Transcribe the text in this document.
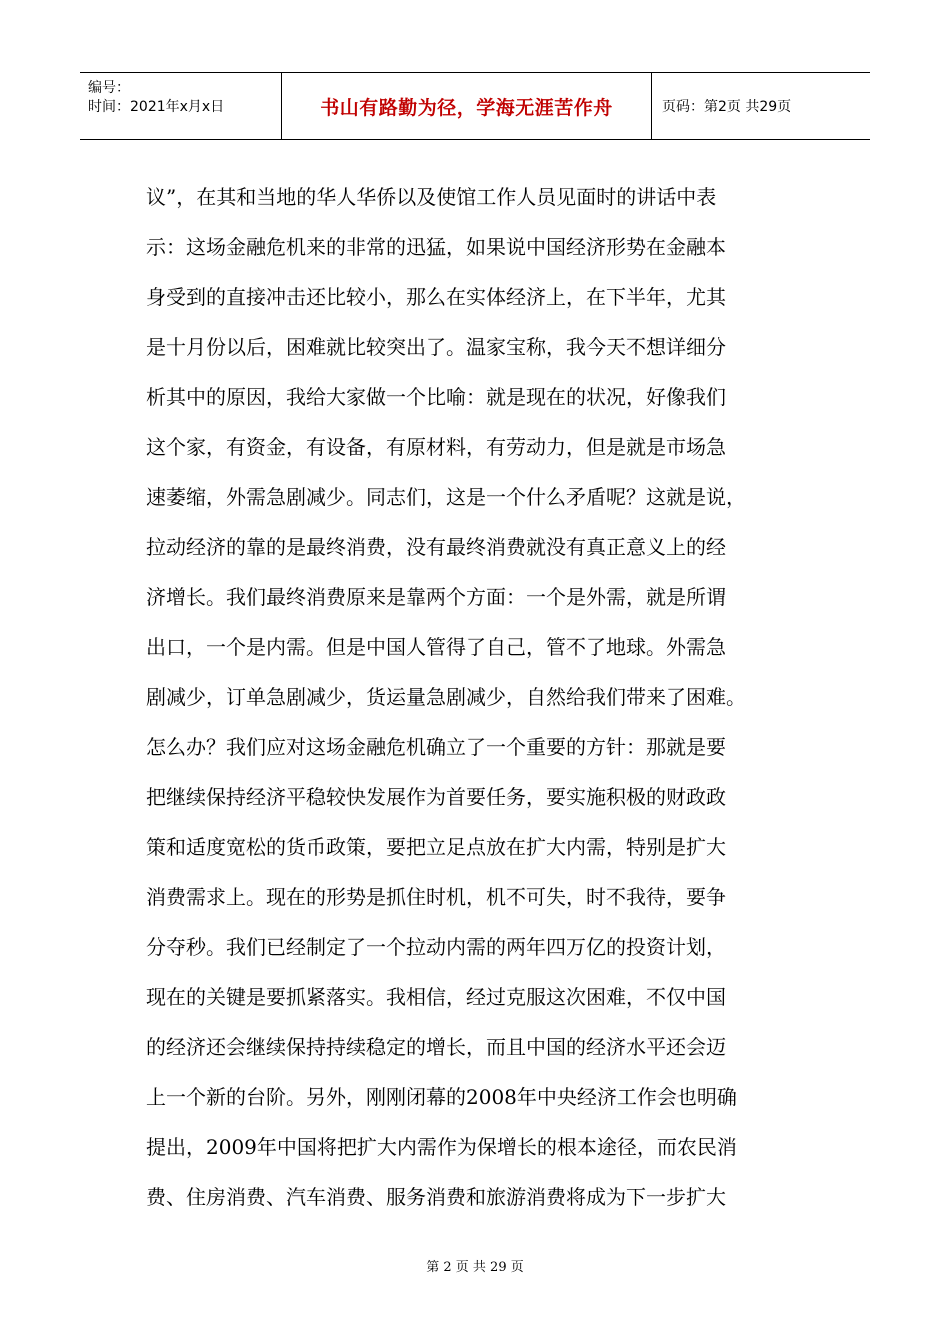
编号：
时间：2021年x月x日	书山有路勤为径，学海无涯苦作舟	页码：第2页 共29页
议”，在其和当地的华人华侨以及使馆工作人员见面时的讲话中表
示：这场金融危机来的非常的迅猛，如果说中国经济形势在金融本
身受到的直接冲击还比较小，那么在实体经济上，在下半年，尤其
是十月份以后，困难就比较突出了。温家宝称，我今天不想详细分
析其中的原因，我给大家做一个比喻：就是现在的状况，好像我们
这个家，有资金，有设备，有原材料，有劳动力，但是就是市场急
速萎缩，外需急剧减少。同志们，这是一个什么矛盾呢？这就是说，
拉动经济的靠的是最终消费，没有最终消费就没有真正意义上的经
济增长。我们最终消费原来是靠两个方面：一个是外需，就是所谓
出口，一个是内需。但是中国人管得了自己，管不了地球。外需急
剧减少，订单急剧减少，货运量急剧减少，自然给我们带来了困难。
怎么办？我们应对这场金融危机确立了一个重要的方针：那就是要
把继续保持经济平稳较快发展作为首要任务，要实施积极的财政政
策和适度宽松的货币政策，要把立足点放在扩大内需，特别是扩大
消费需求上。现在的形势是抓住时机，机不可失，时不我待，要争
分夺秒。我们已经制定了一个拉动内需的两年四万亿的投资计划，
现在的关键是要抓紧落实。我相信，经过克服这次困难，不仅中国
的经济还会继续保持持续稳定的增长，而且中国的经济水平还会迈
上一个新的台阶。另外，刚刚闭幕的2008年中央经济工作会也明确
提出，2009年中国将把扩大内需作为保增长的根本途径，而农民消
费、住房消费、汽车消费、服务消费和旅游消费将成为下一步扩大
第 2 页 共 29 页
